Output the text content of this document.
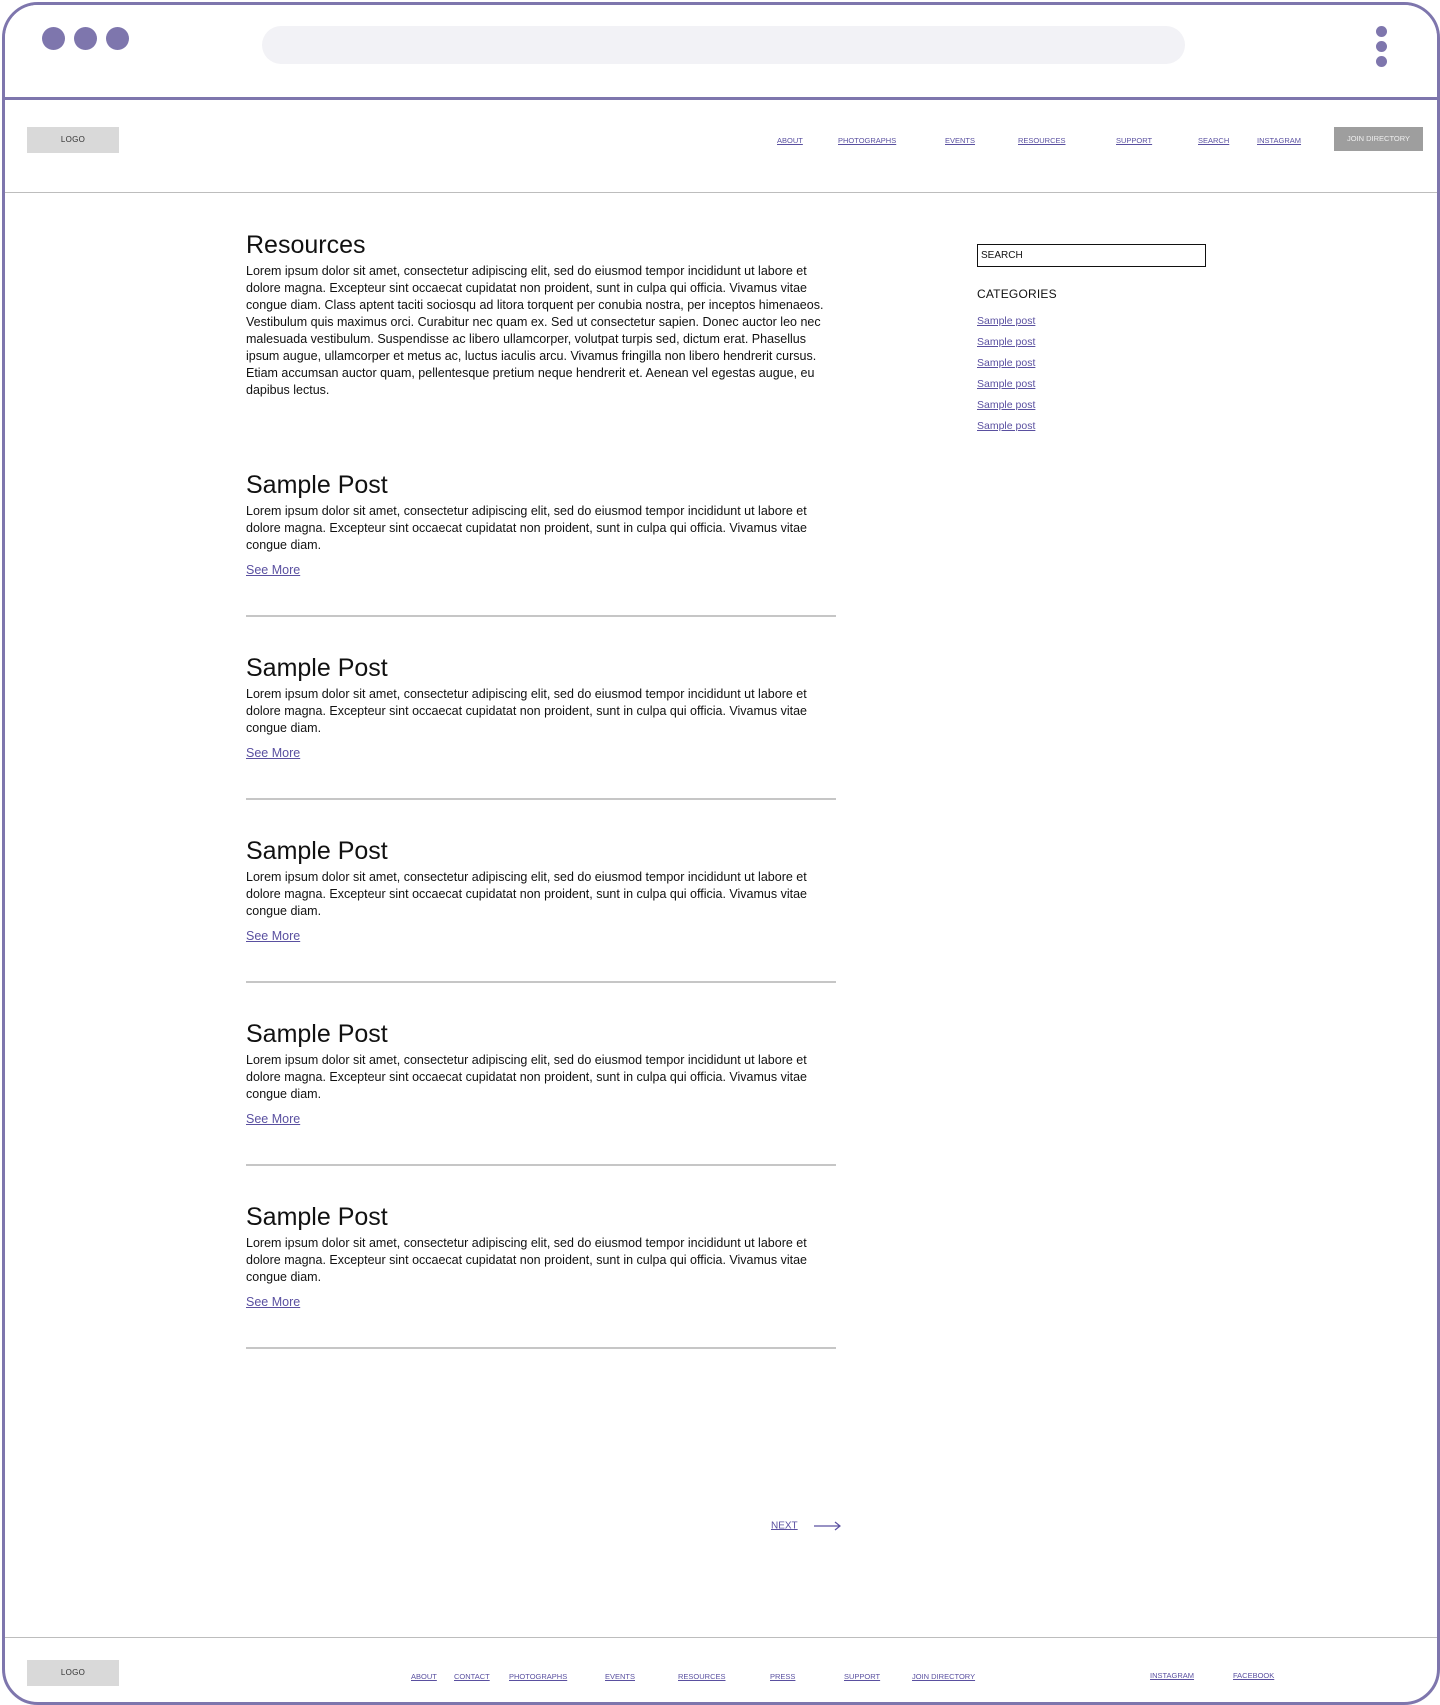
LOGO	ABOUT	PHOTOGRAPHS	EVENTS	RESOURCES	SUPPORT	SEARCH	INSTAGRAM	JOIN DIRECTORY
Resources
Lorem ipsum dolor sit amet, consectetur adipiscing elit, sed do eiusmod tempor incididunt ut labore et dolore magna. Excepteur sint occaecat cupidatat non proident, sunt in culpa qui officia. Vivamus vitae congue diam. Class aptent taciti sociosqu ad litora torquent per conubia nostra, per inceptos himenaeos. Vestibulum quis maximus orci. Curabitur nec quam ex. Sed ut consectetur sapien. Donec auctor leo nec malesuada vestibulum. Suspendisse ac libero ullamcorper, volutpat turpis sed, dictum erat. Phasellus ipsum augue, ullamcorper et metus ac, luctus iaculis arcu. Vivamus fringilla non libero hendrerit cursus. Etiam accumsan auctor quam, pellentesque pretium neque hendrerit et. Aenean vel egestas augue, eu dapibus lectus.
Sample Post

Lorem ipsum dolor sit amet, consectetur adipiscing elit, sed do eiusmod tempor incididunt ut labore et dolore magna. Excepteur sint occaecat cupidatat non proident, sunt in culpa qui officia. Vivamus vitae congue diam.

See More
Sample Post

Lorem ipsum dolor sit amet, consectetur adipiscing elit, sed do eiusmod tempor incididunt ut labore et dolore magna. Excepteur sint occaecat cupidatat non proident, sunt in culpa qui officia. Vivamus vitae congue diam.

See More
Sample Post

Lorem ipsum dolor sit amet, consectetur adipiscing elit, sed do eiusmod tempor incididunt ut labore et dolore magna. Excepteur sint occaecat cupidatat non proident, sunt in culpa qui officia. Vivamus vitae congue diam.

See More
Sample Post

Lorem ipsum dolor sit amet, consectetur adipiscing elit, sed do eiusmod tempor incididunt ut labore et dolore magna. Excepteur sint occaecat cupidatat non proident, sunt in culpa qui officia. Vivamus vitae congue diam.

See More
Sample Post

Lorem ipsum dolor sit amet, consectetur adipiscing elit, sed do eiusmod tempor incididunt ut labore et dolore magna. Excepteur sint occaecat cupidatat non proident, sunt in culpa qui officia. Vivamus vitae congue diam.

See More
SEARCH
CATEGORIES
Sample post
Sample post
Sample post
Sample post
Sample post
Sample post
NEXT
LOGO	ABOUT CONTACT	PHOTOGRAPHS	EVENTS	RESOURCES	PRESS	SUPPORT	JOIN DIRECTORY	INSTAGRAM	FACEBOOK
